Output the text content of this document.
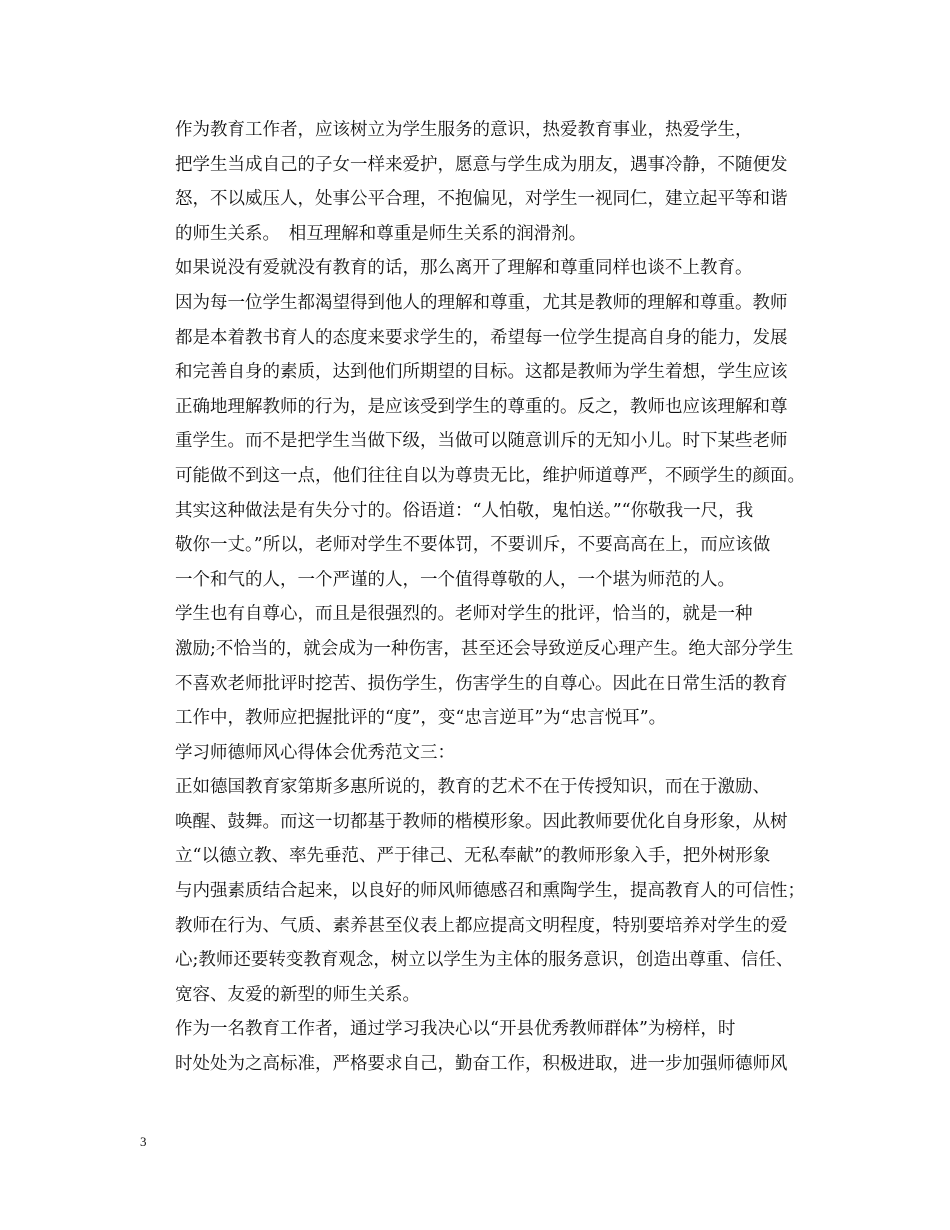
作为教育工作者，应该树立为学生服务的意识，热爱教育事业，热爱学生，
把学生当成自己的子女一样来爱护，愿意与学生成为朋友，遇事冷静，不随便发
怒，不以威压人，处事公平合理，不抱偏见，对学生一视同仁，建立起平等和谐
的师生关系。　相互理解和尊重是师生关系的润滑剂。

如果说没有爱就没有教育的话，那么离开了理解和尊重同样也谈不上教育。
因为每一位学生都渴望得到他人的理解和尊重，尤其是教师的理解和尊重。教师
都是本着教书育人的态度来要求学生的，希望每一位学生提高自身的能力，发展
和完善自身的素质，达到他们所期望的目标。这都是教师为学生着想，学生应该
正确地理解教师的行为，是应该受到学生的尊重的。反之，教师也应该理解和尊
重学生。而不是把学生当做下级，当做可以随意训斥的无知小儿。时下某些老师
可能做不到这一点，他们往往自以为尊贵无比，维护师道尊严，不顾学生的颜面。
其实这种做法是有失分寸的。俗语道：“人怕敬，鬼怕送。”“你敬我一尺，我
敬你一丈。”所以，老师对学生不要体罚，不要训斥，不要高高在上，而应该做
一个和气的人，一个严谨的人，一个值得尊敬的人，一个堪为师范的人。

学生也有自尊心，而且是很强烈的。老师对学生的批评，恰当的，就是一种
激励;不恰当的，就会成为一种伤害，甚至还会导致逆反心理产生。绝大部分学生
不喜欢老师批评时挖苦、损伤学生，伤害学生的自尊心。因此在日常生活的教育
工作中，教师应把握批评的“度”，变“忠言逆耳”为“忠言悦耳”。

学习师德师风心得体会优秀范文三：

正如德国教育家第斯多惠所说的，教育的艺术不在于传授知识，而在于激励、
唤醒、鼓舞。而这一切都基于教师的楷模形象。因此教师要优化自身形象，从树
立“以德立教、率先垂范、严于律己、无私奉献”的教师形象入手，把外树形象
与内强素质结合起来，以良好的师风师德感召和熏陶学生，提高教育人的可信性；
教师在行为、气质、素养甚至仪表上都应提高文明程度，特别要培养对学生的爱
心;教师还要转变教育观念，树立以学生为主体的服务意识，创造出尊重、信任、
宽容、友爱的新型的师生关系。

作为一名教育工作者，通过学习我决心以“开县优秀教师群体”为榜样，时
时处处为之高标准，严格要求自己，勤奋工作，积极进取，进一步加强师德师风

3
